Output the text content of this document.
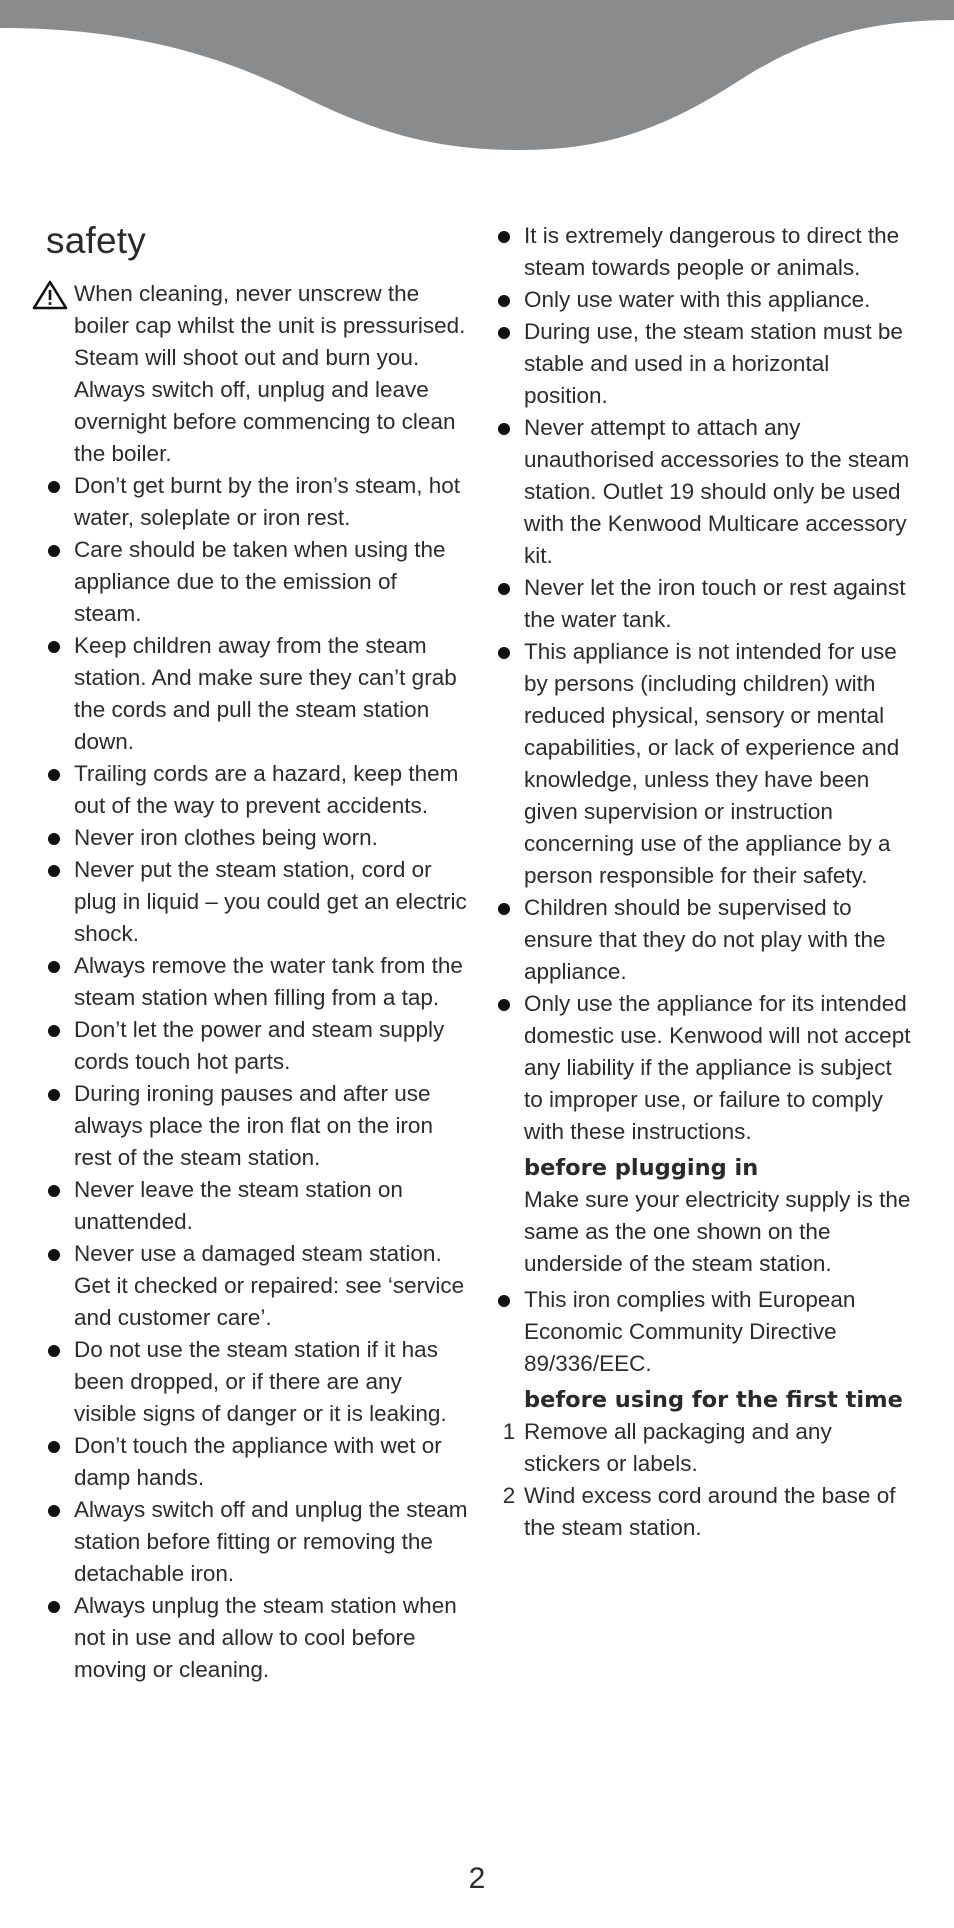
safety
When cleaning, never unscrew the boiler cap whilst the unit is pressurised. Steam will shoot out and burn you. Always switch off, unplug and leave overnight before commencing to clean the boiler.
Don’t get burnt by the iron’s steam, hot water, soleplate or iron rest.
Care should be taken when using the appliance due to the emission of steam.
Keep children away from the steam station. And make sure they can’t grab the cords and pull the steam station down.
Trailing cords are a hazard, keep them out of the way to prevent accidents.
Never iron clothes being worn.
Never put the steam station, cord or plug in liquid – you could get an electric shock.
Always remove the water tank from the steam station when filling from a tap.
Don’t let the power and steam supply cords touch hot parts.
During ironing pauses and after use always place the iron flat on the iron rest of the steam station.
Never leave the steam station on unattended.
Never use a damaged steam station. Get it checked or repaired: see ‘service and customer care’.
Do not use the steam station if it has been dropped, or if there are any visible signs of danger or it is leaking.
Don’t touch the appliance with wet or damp hands.
Always switch off and unplug the steam station before fitting or removing the detachable iron.
Always unplug the steam station when not in use and allow to cool before moving or cleaning.
It is extremely dangerous to direct the steam towards people or animals.
Only use water with this appliance.
During use, the steam station must be stable and used in a horizontal position.
Never attempt to attach any unauthorised accessories to the steam station. Outlet 19 should only be used with the Kenwood Multicare accessory kit.
Never let the iron touch or rest against the water tank.
This appliance is not intended for use by persons (including children) with reduced physical, sensory or mental capabilities, or lack of experience and knowledge, unless they have been given supervision or instruction concerning use of the appliance by a person responsible for their safety.
Children should be supervised to ensure that they do not play with the appliance.
Only use the appliance for its intended domestic use. Kenwood will not accept any liability if the appliance is subject to improper use, or failure to comply with these instructions.
before plugging in
Make sure your electricity supply is the same as the one shown on the underside of the steam station.
This iron complies with European Economic Community Directive 89/336/EEC.
before using for the first time
1 Remove all packaging and any stickers or labels.
2 Wind excess cord around the base of the steam station.
2
